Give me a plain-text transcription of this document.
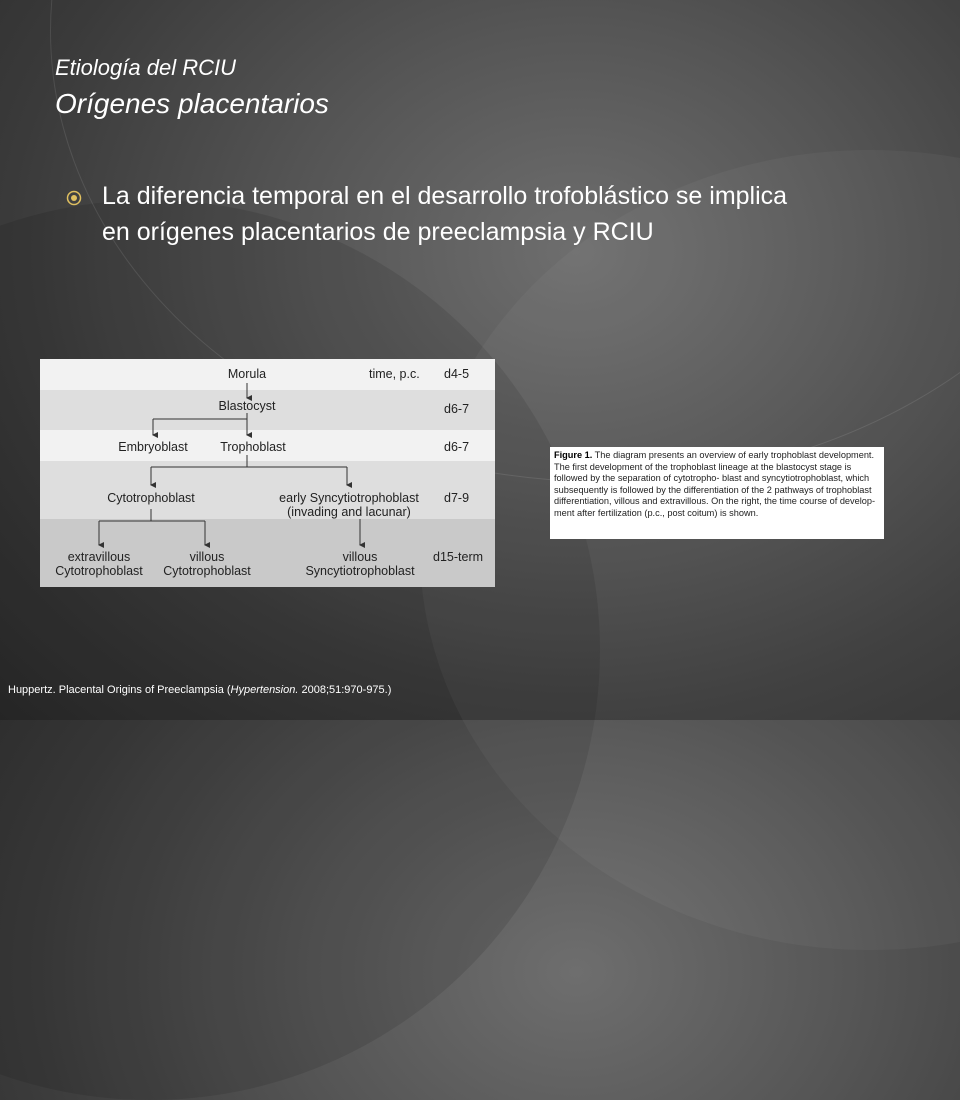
Etiología del RCIU
Orígenes placentarios
La diferencia temporal en el desarrollo trofoblástico se implica en orígenes placentarios de preeclampsia y RCIU
Morula
Blastocyst
Embryoblast	Trophoblast
Cytotrophoblast	early Syncytiotrophoblast
(invading and lacunar)
extravillous
Cytotrophoblast
villous
Cytotrophoblast
villous
Syncytiotrophoblast
time, p.c. d4-5
d6-7
d6-7
d7-9
d15-term
Figure 1. The diagram presents an overview of early trophoblast development. The first development of the trophoblast lineage at the blastocyst stage is followed by the separation of cytotropho- blast and syncytiotrophoblast, which subsequently is followed by the differentiation of the 2 pathways of trophoblast differentiation, villous and extravillous. On the right, the time course of develop- ment after fertilization (p.c., post coitum) is shown.
Huppertz. Placental Origins of Preeclampsia (Hypertension. 2008;51:970-975.)
